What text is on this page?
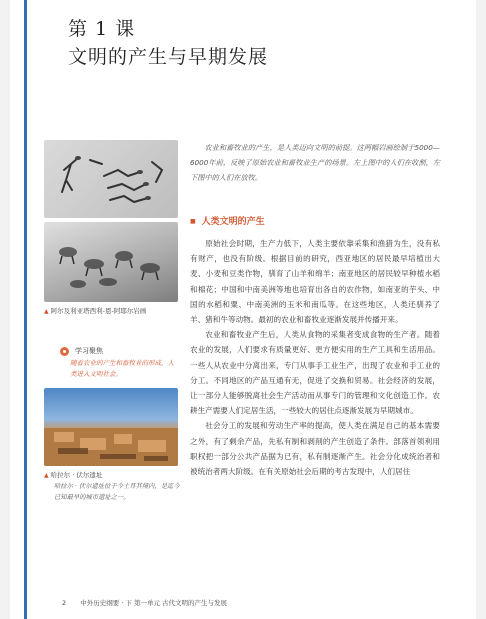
第 1 课
文明的产生与早期发展
▲ 阿尔及利亚塔西利-恩-阿耶尔岩画
学习聚焦
随着农业的产生和畜牧业的形成，人类进入文明社会。
▲ 哈拉尔 · 伏尔遗址
哈拉尔 · 伏尔遗址位于今土耳其境内，是迄今已知最早的城市遗址之一。
农业和畜牧业的产生，是人类迈向文明的前提。这两幅岩画绘制于5000—6000年前，反映了原始农业和畜牧业生产的场景。左上图中的人们在收割，左下图中的人们在放牧。
■ 人类文明的产生

原始社会时期，生产力低下，人类主要依靠采集和渔猎为生，没有私有财产，也没有阶级。根据目前的研究，西亚地区的居民最早培植出大麦、小麦和豆类作物，驯育了山羊和绵羊；南亚地区的居民较早种植水稻和棉花；中国和中南美洲等地也培育出各自的农作物，如南亚的芋头、中国的水稻和粟、中南美洲的玉米和南瓜等。在这些地区，人类还驯养了羊、猪和牛等动物。最初的农业和畜牧业逐渐发展并传播开来。

农业和畜牧业产生后，人类从食物的采集者变成食物的生产者。随着农业的发展，人们要求有质量更好、更方便实用的生产工具和生活用品。一些人从农业中分离出来，专门从事手工业生产，出现了农业和手工业的分工。不同地区的产品互通有无，促进了交换和贸易。社会经济的发展，让一部分人能够脱离社会生产活动而从事专门的管理和文化创造工作。农耕生产需要人们定居生活，一些较大的居住点逐渐发展为早期城市。

社会分工的发展和劳动生产率的提高，使人类在满足自己的基本需要之外，有了剩余产品，先私有制和剥削的产生创造了条件。部落首领利用职权把一部分公共产品据为已有，私有制逐渐产生。社会分化成统治者和被统治者两大阶级。在有关原始社会后期的考古发现中，人们居住

2 中外历史纲要 · 下 第一单元 古代文明的产生与发展
